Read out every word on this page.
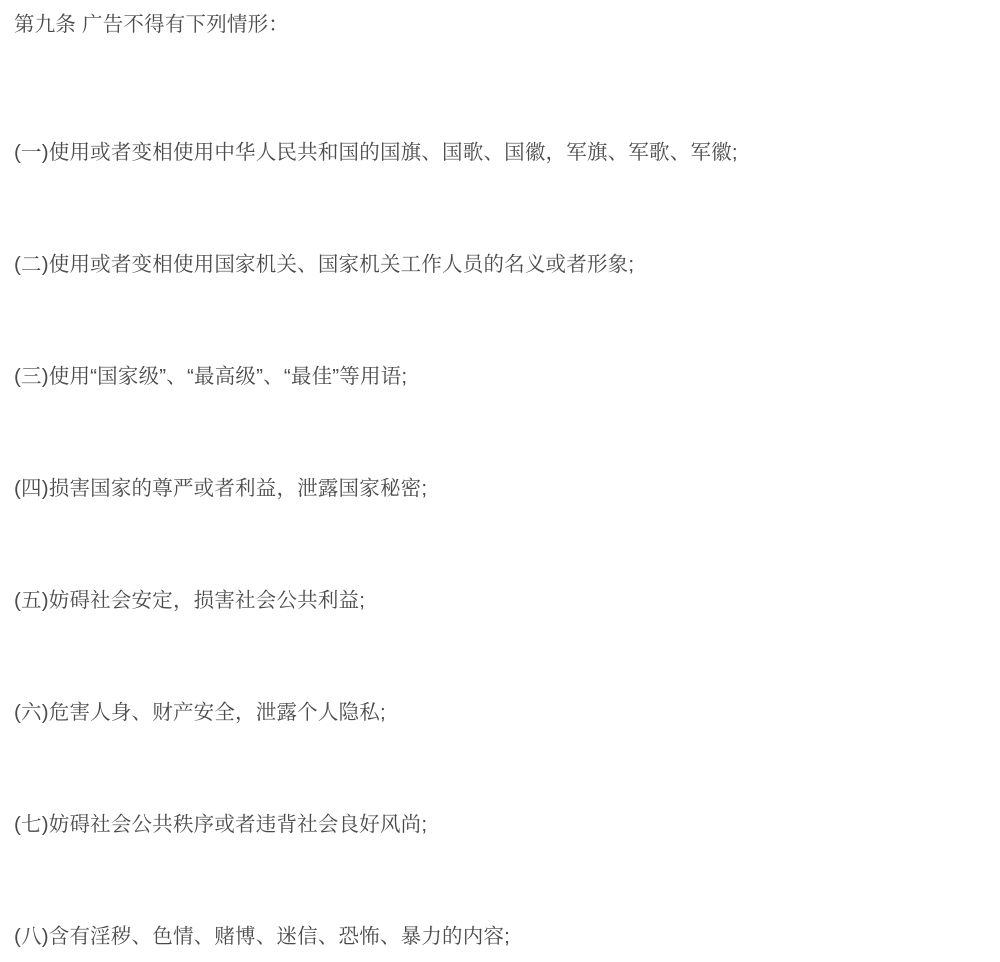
第九条 广告不得有下列情形：

(一)使用或者变相使用中华人民共和国的国旗、国歌、国徽，军旗、军歌、军徽;

(二)使用或者变相使用国家机关、国家机关工作人员的名义或者形象;

(三)使用“国家级”、“最高级”、“最佳”等用语;

(四)损害国家的尊严或者利益，泄露国家秘密;

(五)妨碍社会安定，损害社会公共利益;

(六)危害人身、财产安全，泄露个人隐私;

(七)妨碍社会公共秩序或者违背社会良好风尚;

(八)含有淫秽、色情、赌博、迷信、恐怖、暴力的内容;
